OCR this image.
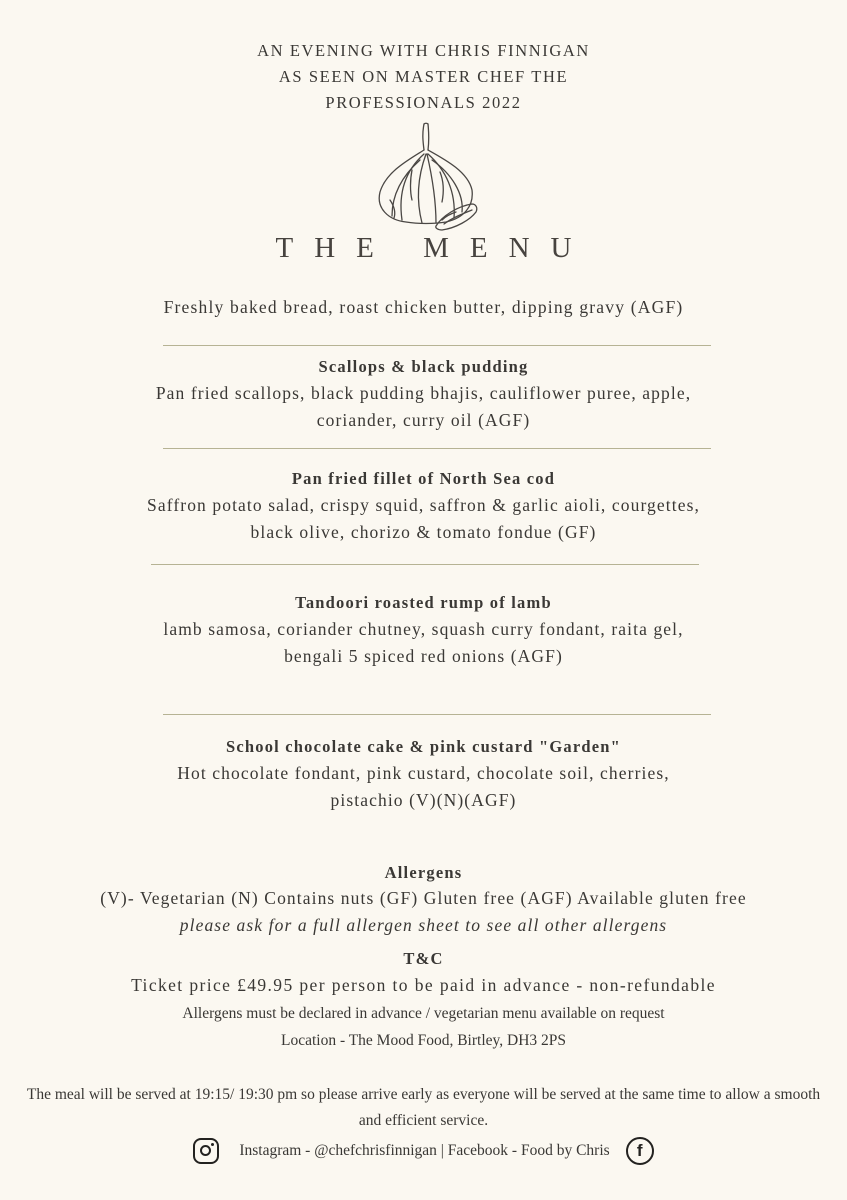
AN EVENING WITH CHRIS FINNIGAN
AS SEEN ON MASTER CHEF THE
PROFESSIONALS 2022
THE MENU
Freshly baked bread, roast chicken butter, dipping gravy (AGF)
Scallops & black pudding
Pan fried scallops, black pudding bhajis, cauliflower puree, apple, coriander, curry oil (AGF)
Pan fried fillet of North Sea cod
Saffron potato salad, crispy squid, saffron & garlic aioli, courgettes, black olive, chorizo & tomato fondue (GF)
Tandoori roasted rump of lamb
lamb samosa, coriander chutney, squash curry fondant, raita gel, bengali 5 spiced red onions (AGF)
School chocolate cake & pink custard "Garden"
Hot chocolate fondant, pink custard, chocolate soil, cherries, pistachio (V)(N)(AGF)
Allergens
(V)- Vegetarian (N) Contains nuts (GF) Gluten free (AGF) Available gluten free
please ask for a full allergen sheet to see all other allergens
T&C
Ticket price £49.95 per person to be paid in advance - non-refundable
Allergens must be declared in advance / vegetarian menu available on request
Location - The Mood Food, Birtley, DH3 2PS
The meal will be served at 19:15/ 19:30 pm so please arrive early as everyone will be served at the same time to allow a smooth and efficient service.
Instagram - @chefchrisfinnigan | Facebook - Food by Chris	f
